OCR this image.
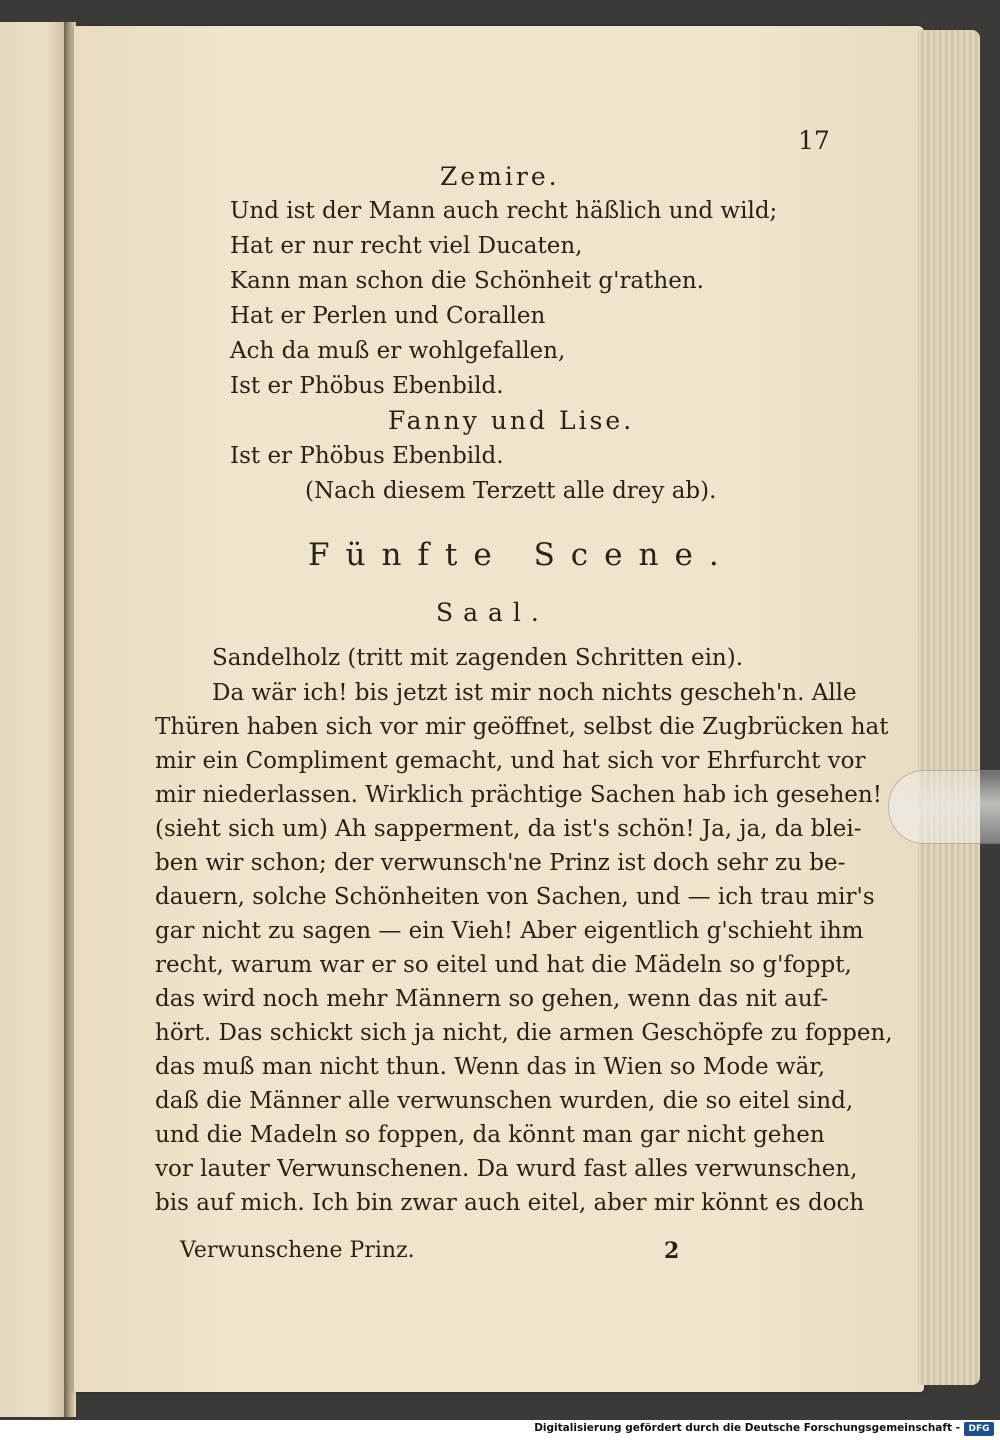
17
Zemire.
Und ist der Mann auch recht häßlich und wild;
Hat er nur recht viel Ducaten,
Kann man schon die Schönheit g'rathen.
Hat er Perlen und Corallen
Ach da muß er wohlgefallen,
Ist er Phöbus Ebenbild.
Fanny und Lise.
Ist er Phöbus Ebenbild.
(Nach diesem Terzett alle drey ab).
Fünfte Scene.
Saal.
Sandelholz (tritt mit zagenden Schritten ein).
Da wär ich! bis jetzt ist mir noch nichts gescheh'n. Alle
Thüren haben sich vor mir geöffnet, selbst die Zugbrücken hat
mir ein Compliment gemacht, und hat sich vor Ehrfurcht vor
mir niederlassen. Wirklich prächtige Sachen hab ich gesehen!
(sieht sich um) Ah sapperment, da ist's schön! Ja, ja, da blei-
ben wir schon; der verwunsch'ne Prinz ist doch sehr zu be-
dauern, solche Schönheiten von Sachen, und — ich trau mir's
gar nicht zu sagen — ein Vieh! Aber eigentlich g'schieht ihm
recht, warum war er so eitel und hat die Mädeln so g'foppt,
das wird noch mehr Männern so gehen, wenn das nit auf-
hört. Das schickt sich ja nicht, die armen Geschöpfe zu foppen,
das muß man nicht thun. Wenn das in Wien so Mode wär,
daß die Männer alle verwunschen wurden, die so eitel sind,
und die Madeln so foppen, da könnt man gar nicht gehen
vor lauter Verwunschenen. Da wurd fast alles verwunschen,
bis auf mich. Ich bin zwar auch eitel, aber mir könnt es doch
Verwunschene Prinz.	2
Digitalisierung gefördert durch die Deutsche Forschungsgemeinschaft - DFG
